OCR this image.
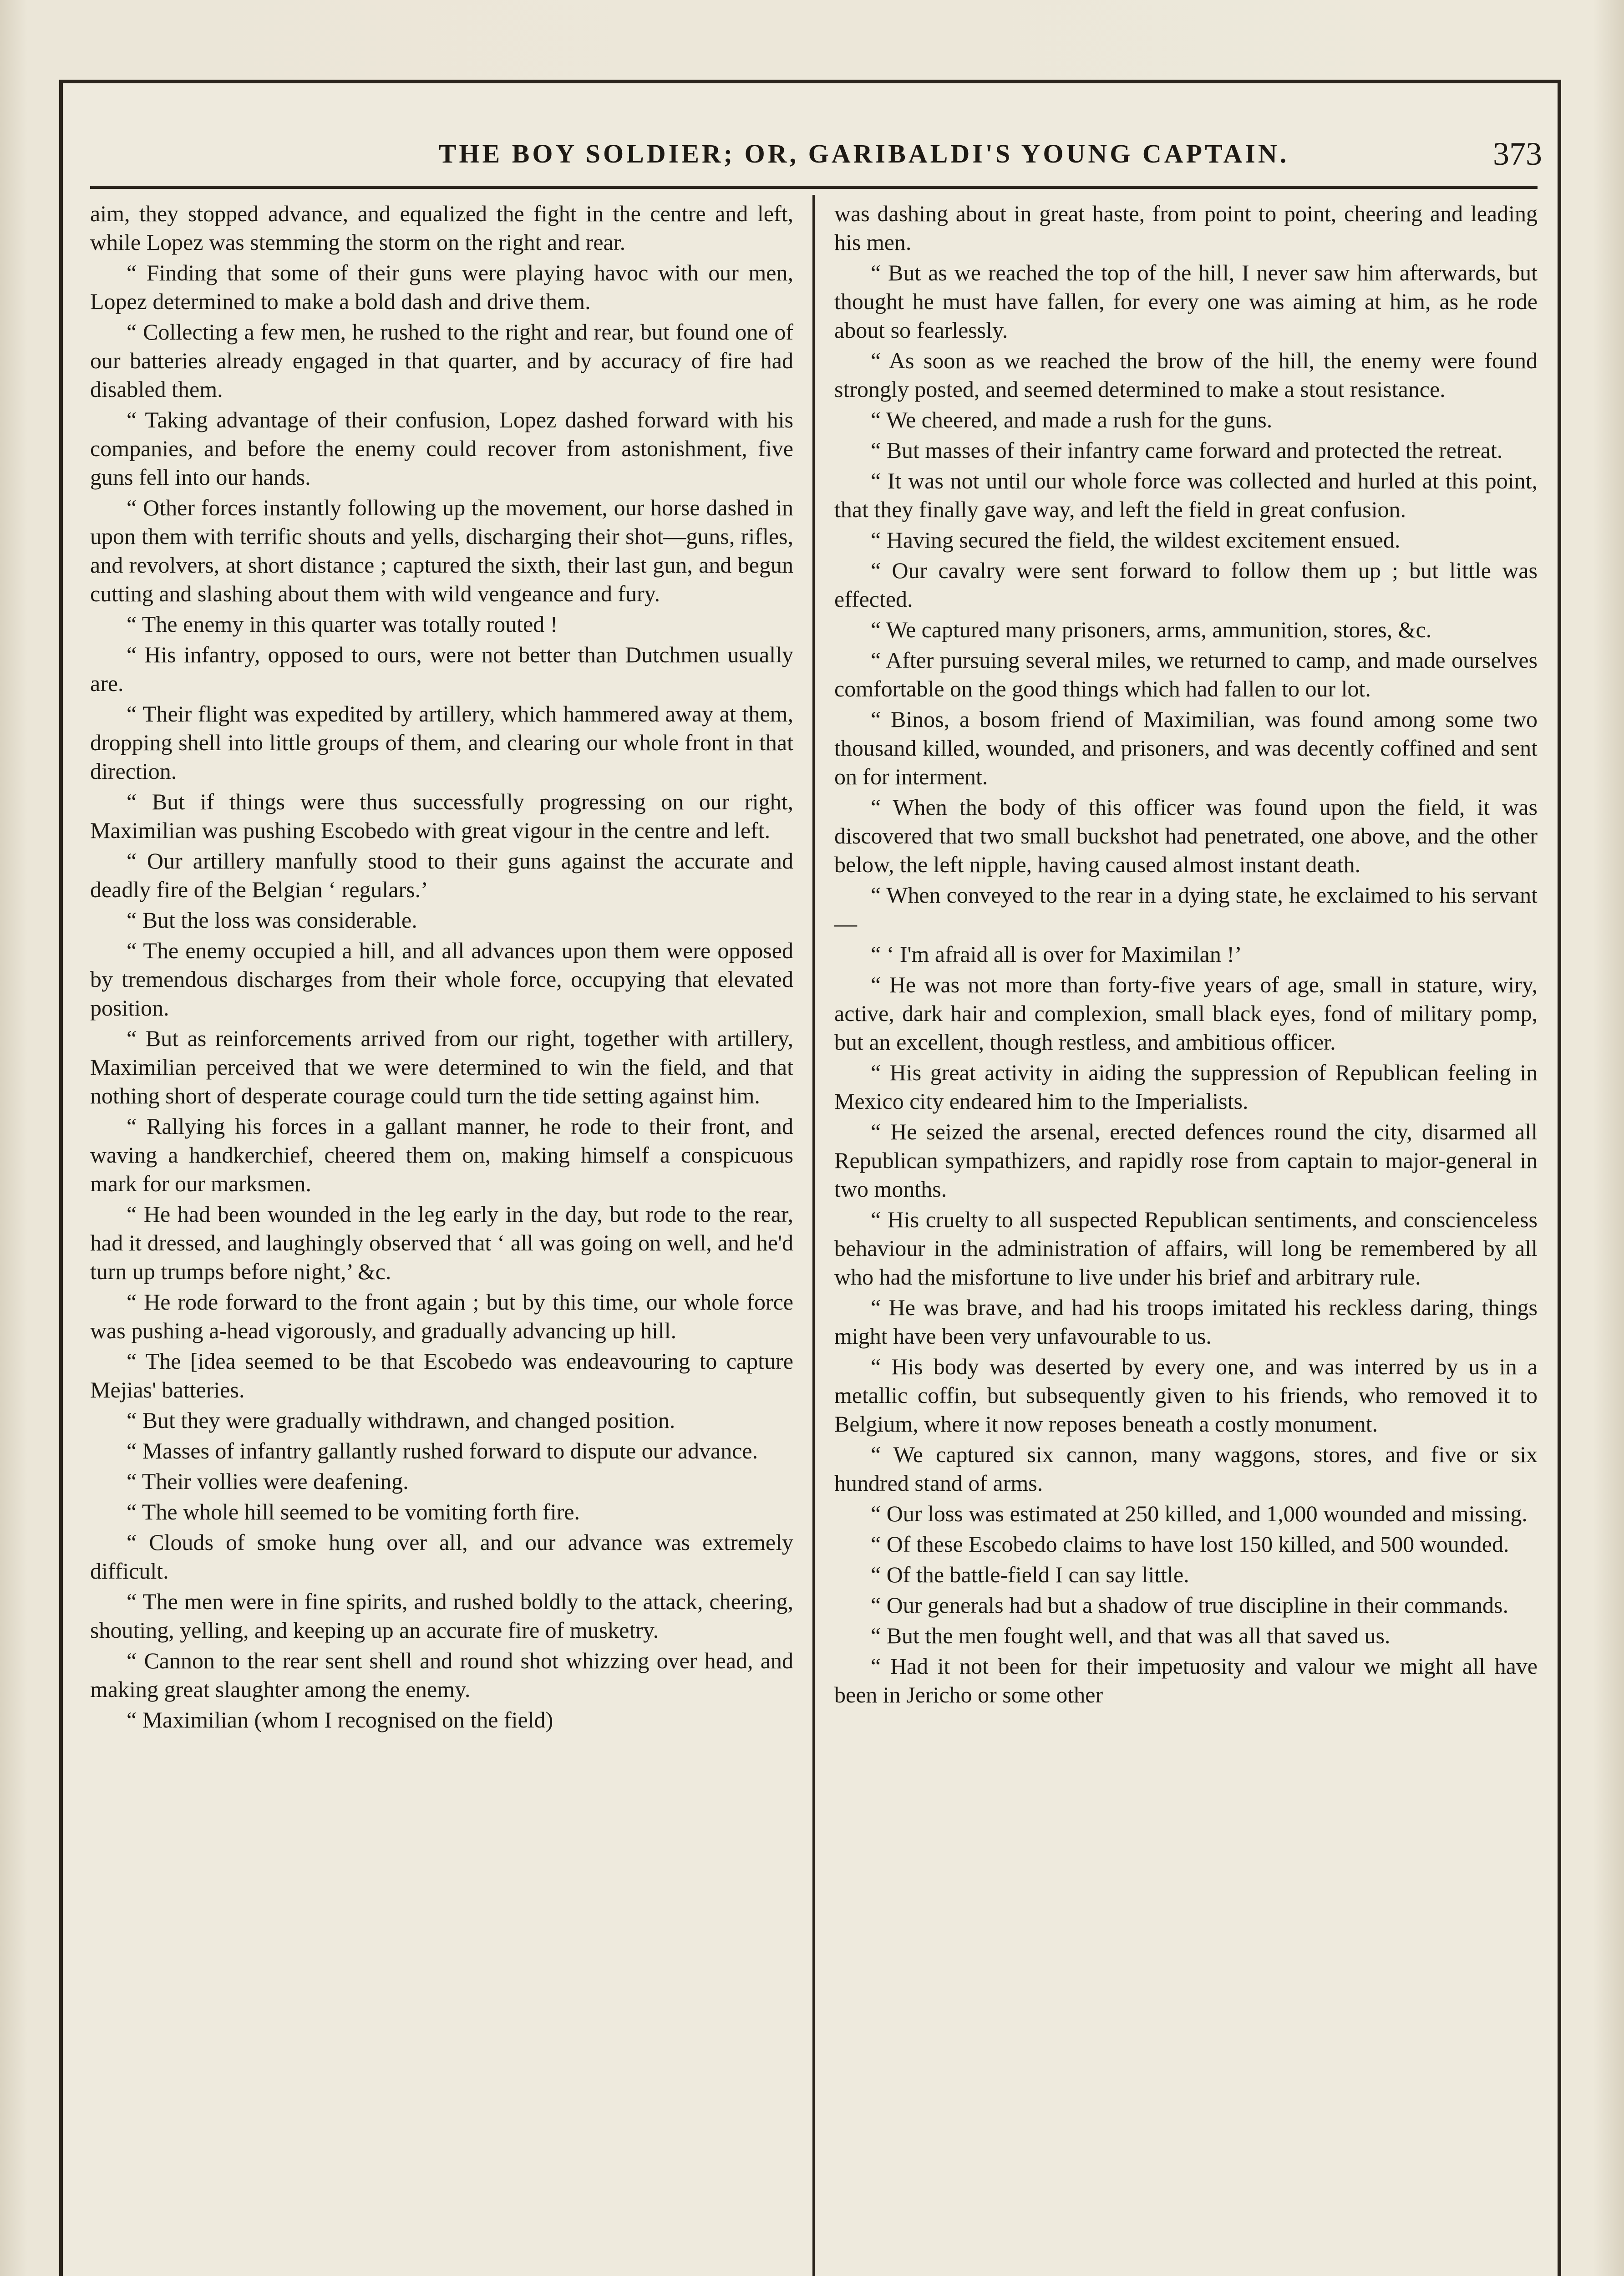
THE BOY SOLDIER; OR, GARIBALDI'S YOUNG CAPTAIN.	373

aim, they stopped advance, and equalized the fight in the centre and left, while Lopez was stemming the storm on the right and rear.

“ Finding that some of their guns were playing havoc with our men, Lopez determined to make a bold dash and drive them.

“ Collecting a few men, he rushed to the right and rear, but found one of our batteries already engaged in that quarter, and by accuracy of fire had disabled them.

“ Taking advantage of their confusion, Lopez dashed forward with his companies, and before the enemy could recover from astonishment, five guns fell into our hands.

“ Other forces instantly following up the movement, our horse dashed in upon them with terrific shouts and yells, discharging their shot—guns, rifles, and revolvers, at short distance ; captured the sixth, their last gun, and begun cutting and slashing about them with wild vengeance and fury.

“ The enemy in this quarter was totally routed !

“ His infantry, opposed to ours, were not better than Dutchmen usually are.

“ Their flight was expedited by artillery, which hammered away at them, dropping shell into little groups of them, and clearing our whole front in that direction.

“ But if things were thus successfully progressing on our right, Maximilian was pushing Escobedo with great vigour in the centre and left.

“ Our artillery manfully stood to their guns against the accurate and deadly fire of the Belgian ‘ regulars.’

“ But the loss was considerable.

“ The enemy occupied a hill, and all advances upon them were opposed by tremendous discharges from their whole force, occupying that elevated position.

“ But as reinforcements arrived from our right, together with artillery, Maximilian perceived that we were determined to win the field, and that nothing short of desperate courage could turn the tide setting against him.

“ Rallying his forces in a gallant manner, he rode to their front, and waving a handkerchief, cheered them on, making himself a conspicuous mark for our marksmen.

“ He had been wounded in the leg early in the day, but rode to the rear, had it dressed, and laughingly observed that ‘ all was going on well, and he'd turn up trumps before night,’ &c.

“ He rode forward to the front again ; but by this time, our whole force was pushing a-head vigorously, and gradually advancing up hill.

“ The [idea seemed to be that Escobedo was endeavouring to capture Mejias' batteries.

“ But they were gradually withdrawn, and changed position.

“ Masses of infantry gallantly rushed forward to dispute our advance.

“ Their vollies were deafening.

“ The whole hill seemed to be vomiting forth fire.

“ Clouds of smoke hung over all, and our advance was extremely difficult.

“ The men were in fine spirits, and rushed boldly to the attack, cheering, shouting, yelling, and keeping up an accurate fire of musketry.

“ Cannon to the rear sent shell and round shot whizzing over head, and making great slaughter among the enemy.

“ Maximilian (whom I recognised on the field)

was dashing about in great haste, from point to point, cheering and leading his men.

“ But as we reached the top of the hill, I never saw him afterwards, but thought he must have fallen, for every one was aiming at him, as he rode about so fearlessly.

“ As soon as we reached the brow of the hill, the enemy were found strongly posted, and seemed determined to make a stout resistance.

“ We cheered, and made a rush for the guns.

“ But masses of their infantry came forward and protected the retreat.

“ It was not until our whole force was collected and hurled at this point, that they finally gave way, and left the field in great confusion.

“ Having secured the field, the wildest excitement ensued.

“ Our cavalry were sent forward to follow them up ; but little was effected.

“ We captured many prisoners, arms, ammunition, stores, &c.

“ After pursuing several miles, we returned to camp, and made ourselves comfortable on the good things which had fallen to our lot.

“ Binos, a bosom friend of Maximilian, was found among some two thousand killed, wounded, and prisoners, and was decently coffined and sent on for interment.

“ When the body of this officer was found upon the field, it was discovered that two small buckshot had penetrated, one above, and the other below, the left nipple, having caused almost instant death.

“ When conveyed to the rear in a dying state, he exclaimed to his servant—

“ ‘ I'm afraid all is over for Maximilan !’

“ He was not more than forty-five years of age, small in stature, wiry, active, dark hair and complexion, small black eyes, fond of military pomp, but an excellent, though restless, and ambitious officer.

“ His great activity in aiding the suppression of Republican feeling in Mexico city endeared him to the Imperialists.

“ He seized the arsenal, erected defences round the city, disarmed all Republican sympathizers, and rapidly rose from captain to major-general in two months.

“ His cruelty to all suspected Republican sentiments, and conscienceless behaviour in the administration of affairs, will long be remembered by all who had the misfortune to live under his brief and arbitrary rule.

“ He was brave, and had his troops imitated his reckless daring, things might have been very unfavourable to us.

“ His body was deserted by every one, and was interred by us in a metallic coffin, but subsequently given to his friends, who removed it to Belgium, where it now reposes beneath a costly monument.

“ We captured six cannon, many waggons, stores, and five or six hundred stand of arms.

“ Our loss was estimated at 250 killed, and 1,000 wounded and missing.

“ Of these Escobedo claims to have lost 150 killed, and 500 wounded.

“ Of the battle-field I can say little.

“ Our generals had but a shadow of true discipline in their commands.

“ But the men fought well, and that was all that saved us.

“ Had it not been for their impetuosity and valour we might all have been in Jericho or some other
